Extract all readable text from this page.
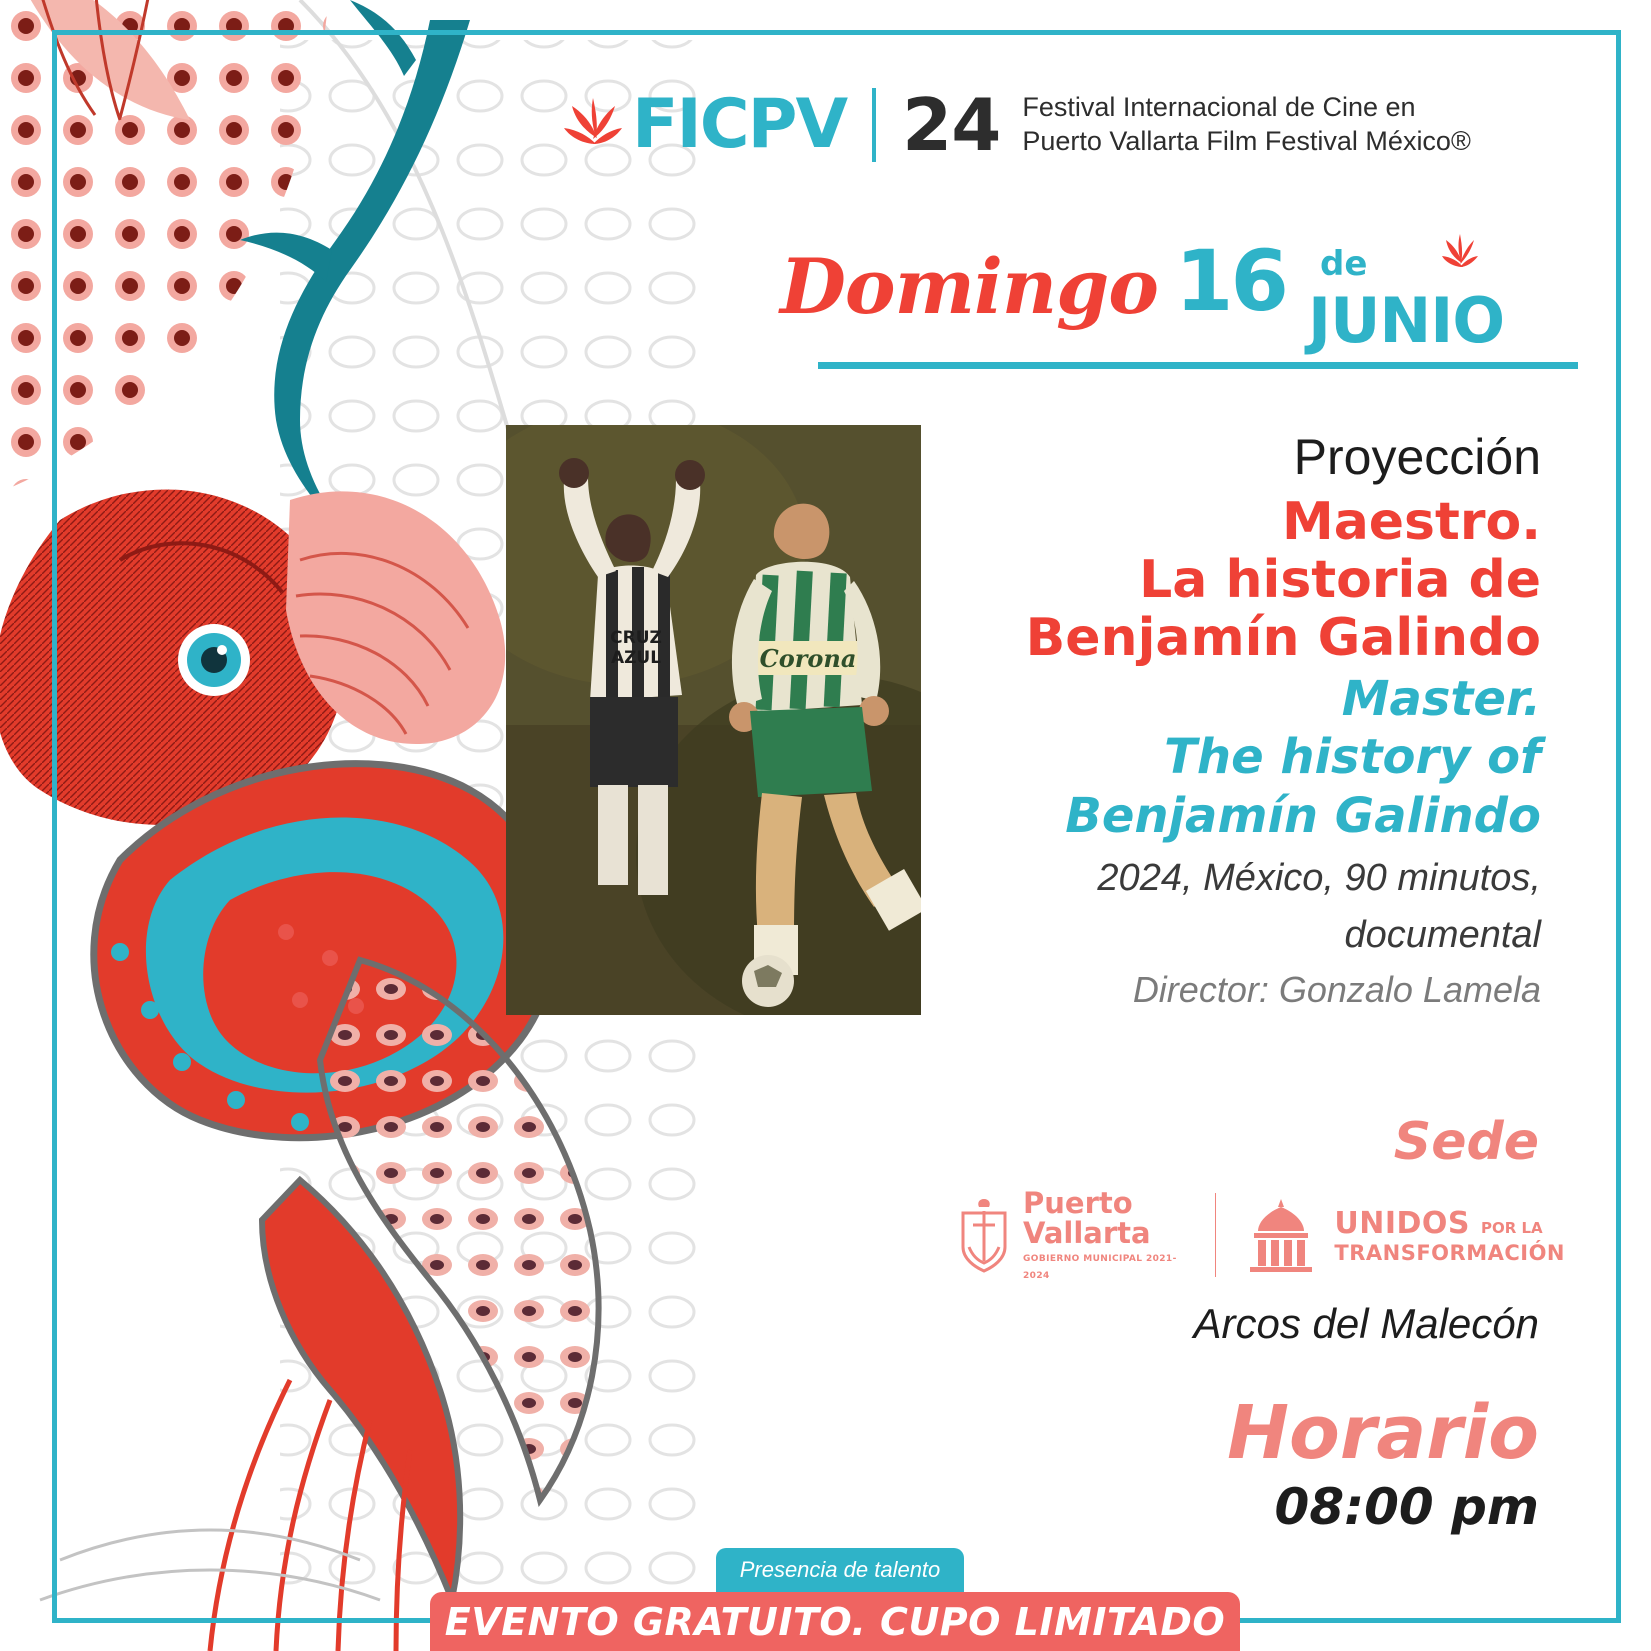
FICPV 24 Festival Internacional de Cine en
Puerto Vallarta Film Festival México®
Domingo 16 de
JUNIO
CRUZ
AZUL	Corona
Proyección
Maestro.
La historia de
Benjamín Galindo
Master.
The history of
Benjamín Galindo
2024, México, 90 minutos,
documental
Director: Gonzalo Lamela
Sede
Puerto Vallarta GOBIERNO MUNICIPAL 2021-2024
UNIDOS POR LA
TRANSFORMACIÓN
Arcos del Malecón
Horario
08:00 pm
Presencia de talento
EVENTO GRATUITO. CUPO LIMITADO
